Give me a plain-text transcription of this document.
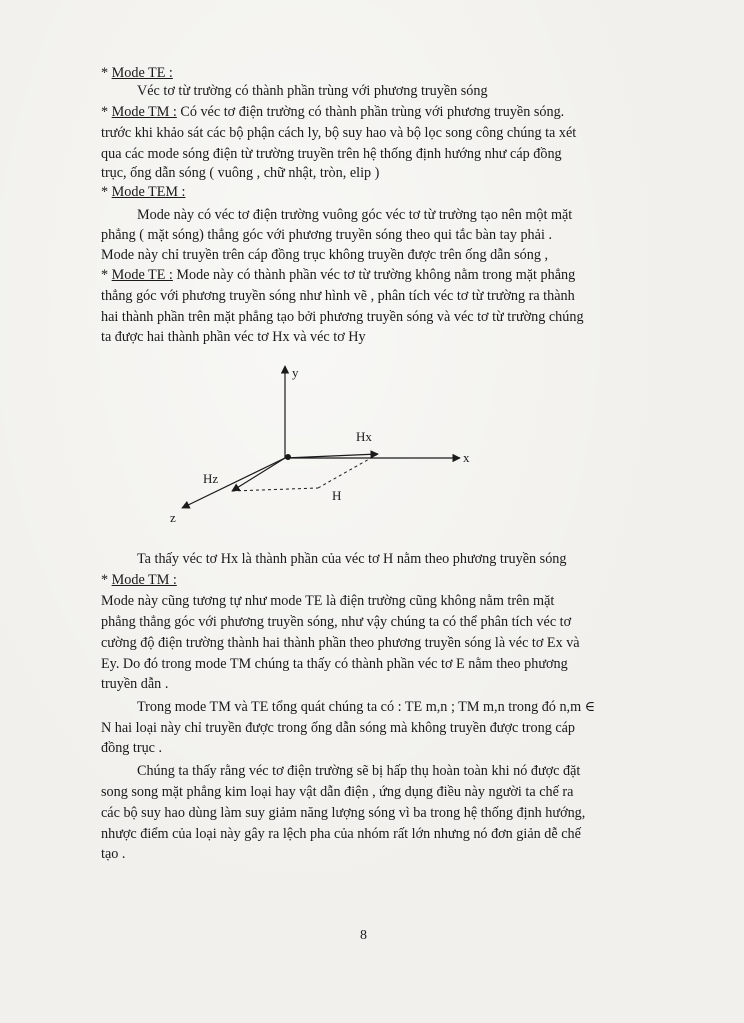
* Mode TE :
Véc tơ từ trường có thành phần trùng với phương truyền sóng
* Mode TM : Có véc tơ điện trường có thành phần trùng với phương truyền sóng.
trước khi khảo sát các bộ phận cách ly, bộ suy hao và bộ lọc song công chúng ta xét
qua các mode sóng điện từ trường truyền trên hệ thống định hướng như cáp đồng
trục, ống dẫn sóng ( vuông , chữ nhật, tròn, elip )
* Mode TEM :
Mode này có véc tơ điện trường vuông góc véc tơ từ trường tạo nên một mặt
phẳng ( mặt sóng) thẳng góc với phương truyền sóng theo qui tắc bàn tay phải .
Mode này chỉ truyền trên cáp đồng trục không truyền được trên ống dẫn sóng ,
* Mode TE : Mode này có thành phần véc tơ từ trường không nằm trong mặt phẳng
thẳng góc với phương truyền sóng như hình vẽ , phân tích véc tơ từ trường ra thành
hai thành phần trên mặt phẳng tạo bởi phương truyền sóng và véc tơ từ trường chúng
ta được hai thành phần véc tơ Hx và véc tơ Hy
y
x
z
Hx
Hz
H
Ta thấy véc tơ Hx là thành phần của véc tơ H nằm theo phương truyền sóng
* Mode TM :
Mode này cũng tương tự như mode TE là điện trường cũng không nằm trên mặt
phẳng thẳng góc với phương truyền sóng, như vậy chúng ta có thể phân tích véc tơ
cường độ điện trường thành hai thành phần theo phương truyền sóng là véc tơ Ex và
Ey. Do đó trong mode TM chúng ta thấy có thành phần véc tơ E nằm theo phương
truyền dẫn .
Trong mode TM và TE tổng quát chúng ta có : TE m,n ; TM m,n trong đó n,m ∈
N hai loại này chỉ truyền được trong ống dẫn sóng mà không truyền được trong cáp
đồng trục .
Chúng ta thấy rằng véc tơ điện trường sẽ bị hấp thụ hoàn toàn khi nó được đặt
song song mặt phẳng kim loại hay vật dẫn điện , ứng dụng điều này người ta chế ra
các bộ suy hao dùng làm suy giảm năng lượng sóng vì ba trong hệ thống định hướng,
nhược điểm của loại này gây ra lệch pha của nhóm rất lớn nhưng nó đơn giản dễ chế
tạo .
8
